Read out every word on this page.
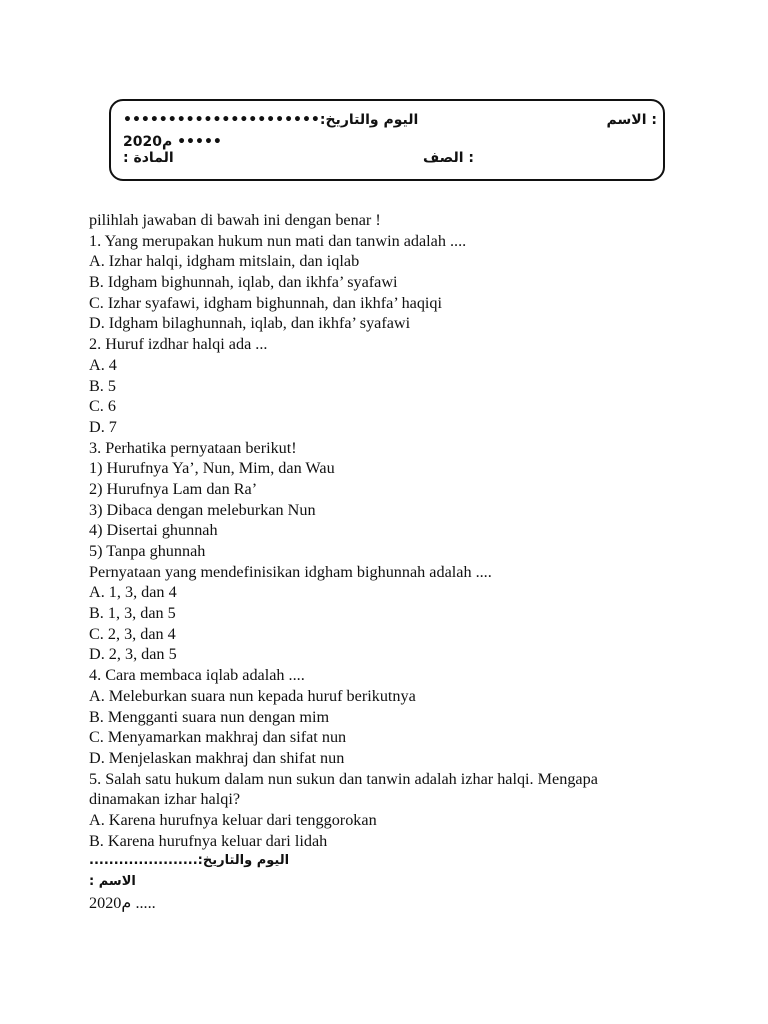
الاسم :
••••••••••••••••••••••:اليوم والتاريخ
2020م •••••
الصف :
: المادة
pilihlah jawaban di bawah ini dengan benar !
1. Yang merupakan hukum nun mati dan tanwin adalah ....
A. Izhar halqi, idgham mitslain, dan iqlab
B. Idgham bighunnah, iqlab, dan ikhfa’ syafawi
C. Izhar syafawi, idgham bighunnah, dan ikhfa’ haqiqi
D. Idgham bilaghunnah, iqlab, dan ikhfa’ syafawi
2. Huruf izdhar halqi ada ...
A. 4
B. 5
C. 6
D. 7
3. Perhatika pernyataan berikut!
1) Hurufnya Ya’, Nun, Mim, dan Wau
2) Hurufnya Lam dan Ra’
3) Dibaca dengan meleburkan Nun
4) Disertai ghunnah
5) Tanpa ghunnah
Pernyataan yang mendefinisikan idgham bighunnah adalah ....
A. 1, 3, dan 4
B. 1, 3, dan 5
C. 2, 3, dan 4
D. 2, 3, dan 5
4. Cara membaca iqlab adalah ....
A. Meleburkan suara nun kepada huruf berikutnya
B. Mengganti suara nun dengan mim
C. Menyamarkan makhraj dan sifat nun
D. Menjelaskan makhraj dan shifat nun
5. Salah satu hukum dalam nun sukun dan tanwin adalah izhar halqi. Mengapa
dinamakan izhar halqi?
A. Karena hurufnya keluar dari tenggorokan
B. Karena hurufnya keluar dari lidah
......................:اليوم والتاريخ
: الاسم
2020م .....
